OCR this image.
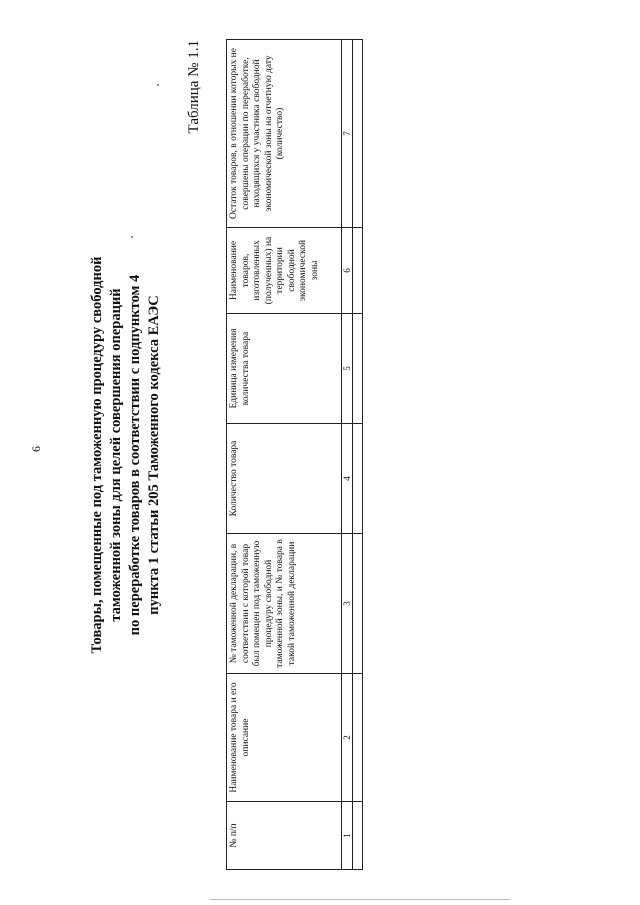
6	Товары, помещенные под таможенную процедуру свободной таможенной зоны для целей совершения операций по переработке товаров в соответствии с подпунктом 4 пункта 1 статьи 205 Таможенного кодекса ЕАЭС
Таблица № 1.1
№ п/п	Наименование товара и его описание	№ таможенной декларации, в соответствии с которой товар был помещен под таможенную процедуру свободной таможенной зоны, и № товара в такой таможенной декларации	Количество товара	Единица измерения количества товара	Наименование товаров, изготовленных (полученных) на территории свободной экономической зоны	Остаток товаров, в отношении которых не совершены операции по переработке, находящихся у участника свободной экономической зоны на отчетную дату (количество)
1	2	3	4	5	6	7
